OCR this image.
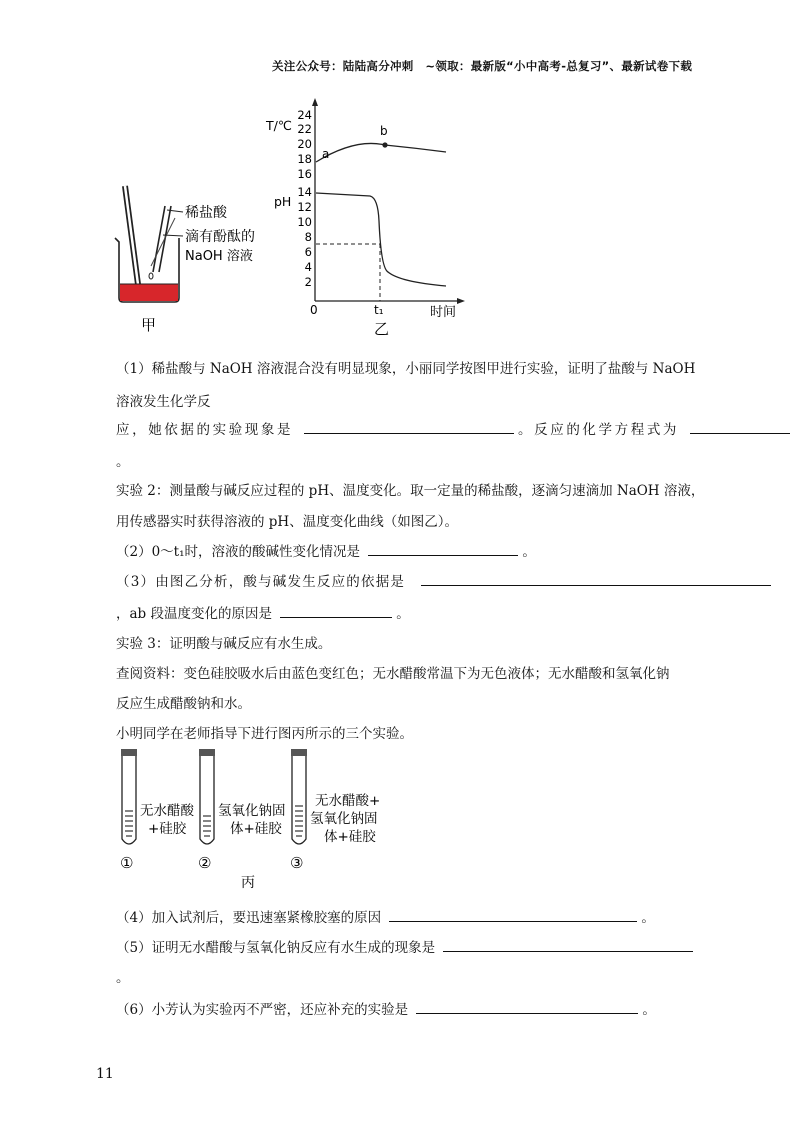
关注公众号：陆陆高分冲刺　~领取：最新版“小中高考-总复习”、最新试卷下载
稀盐酸
滴有酚酞的
NaOH 溶液
甲
24
22
20
18
16
14
12
10
8
6
4
2
T/℃
pH
a
b
0	t₁	时间
乙
（1）稀盐酸与 NaOH 溶液混合没有明显现象，小丽同学按图甲进行实验，证明了盐酸与 NaOH
溶液发生化学反
应，她依据的实验现象是	。反应的化学方程式为
。
实验 2：测量酸与碱反应过程的 pH、温度变化。取一定量的稀盐酸，逐滴匀速滴加 NaOH 溶液，
用传感器实时获得溶液的 pH、温度变化曲线（如图乙）。
（2）0～t₁时，溶液的酸碱性变化情况是	。
（3）由图乙分析，酸与碱发生反应的依据是
，ab 段温度变化的原因是	。
实验 3：证明酸与碱反应有水生成。
查阅资料：变色硅胶吸水后由蓝色变红色；无水醋酸常温下为无色液体；无水醋酸和氢氧化钠
反应生成醋酸钠和水。
小明同学在老师指导下进行图丙所示的三个实验。
无水醋酸
+硅胶
①
氢氧化钠固
体+硅胶
②
无水醋酸+
氢氧化钠固
体+硅胶
③
丙
（4）加入试剂后，要迅速塞紧橡胶塞的原因	。
（5）证明无水醋酸与氢氧化钠反应有水生成的现象是
。
（6）小芳认为实验丙不严密，还应补充的实验是	。
11
